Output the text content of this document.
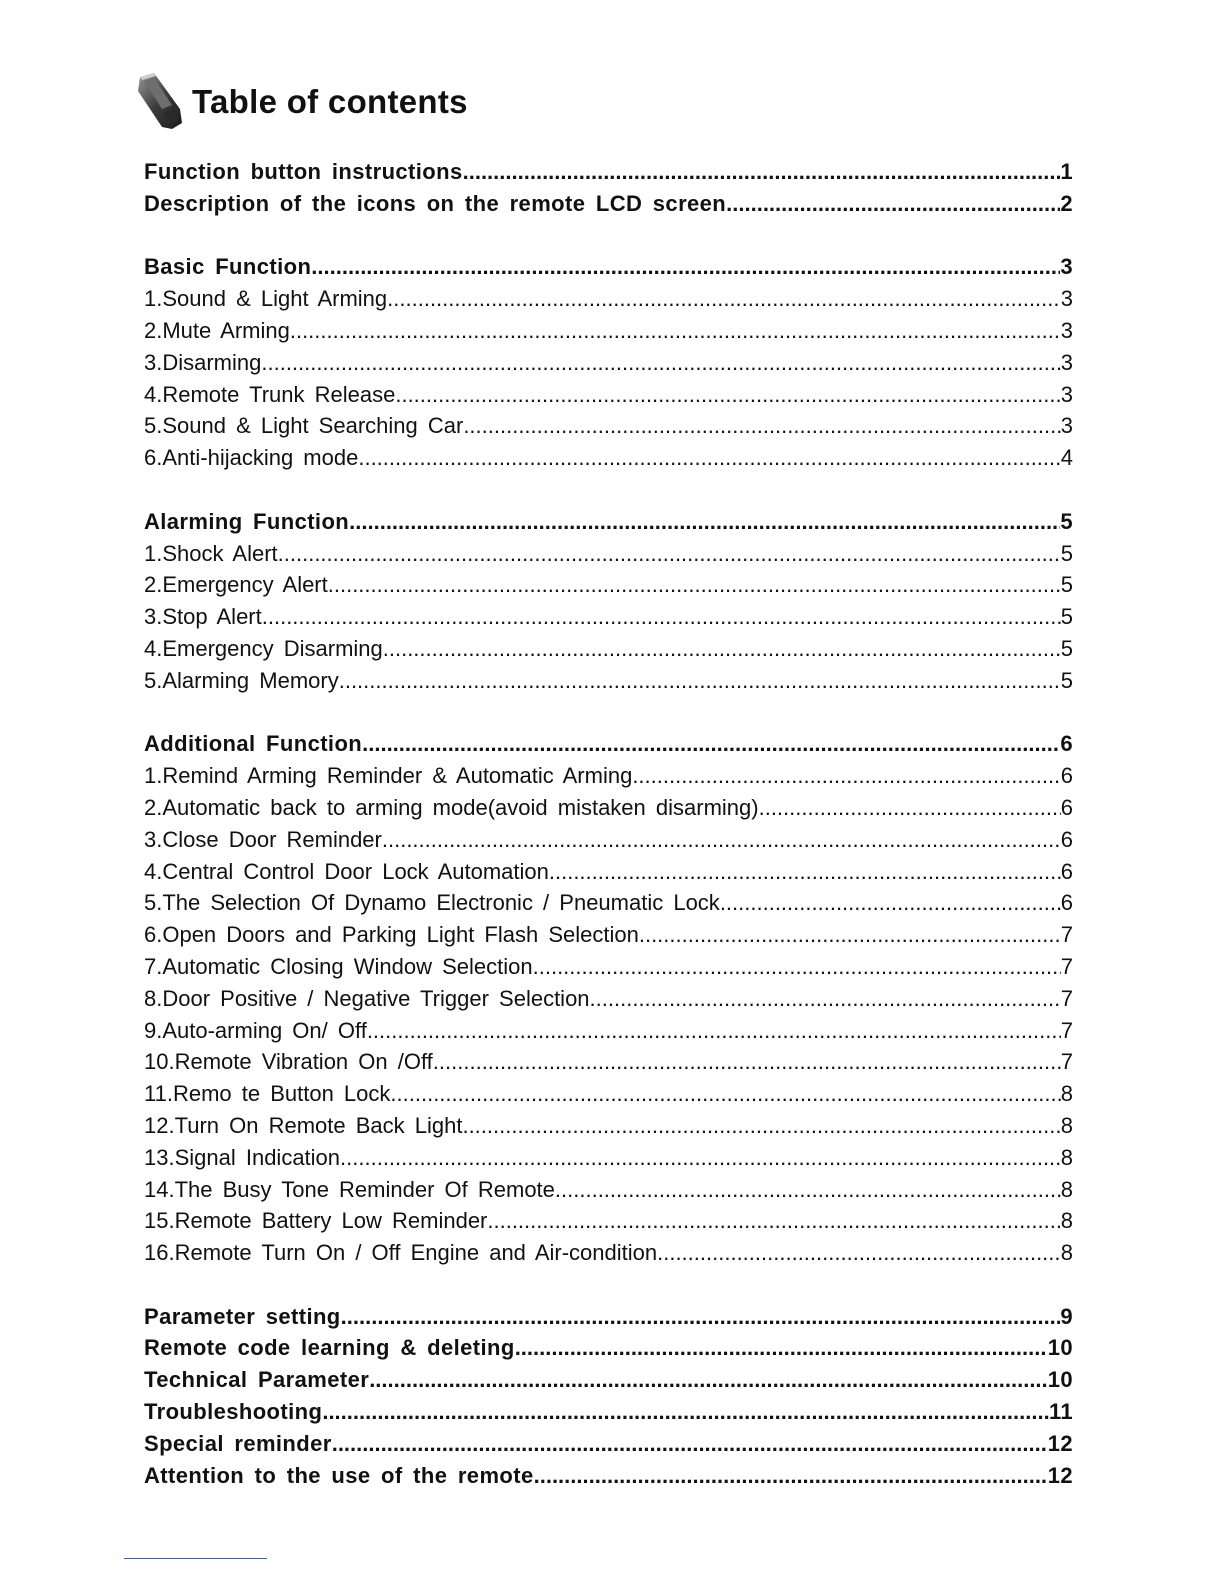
Table of contents
Function button instructions .....	1
Description of the icons on the remote LCD screen .....	2
Basic Function .....	3
1.Sound & Light Arming .....	3
2.Mute Arming .....	3
3.Disarming .....	3
4.Remote Trunk Release .....	3
5.Sound & Light Searching Car .....	3
6.Anti-hijacking mode .....	4
Alarming Function .....	5
1.Shock Alert .....	5
2.Emergency Alert .....	5
3.Stop Alert .....	5
4.Emergency Disarming .....	5
5.Alarming Memory .....	5
Additional Function .....	6
1.Remind Arming Reminder & Automatic Arming .....	6
2.Automatic back to arming mode(avoid mistaken disarming) .....	6
3.Close Door Reminder .....	6
4.Central Control Door Lock Automation .....	6
5.The Selection Of Dynamo Electronic / Pneumatic Lock .....	6
6.Open Doors and Parking Light Flash Selection .....	7
7.Automatic Closing Window Selection .....	7
8.Door Positive / Negative Trigger Selection .....	7
9.Auto-arming On/ Off .....	7
10.Remote Vibration On /Off .....	7
11.Remo te Button Lock .....	8
12.Turn On Remote Back Light .....	8
13.Signal Indication .....	8
14.The Busy Tone Reminder Of Remote .....	8
15.Remote Battery Low Reminder .....	8
16.Remote Turn On / Off Engine and Air-condition .....	8
Parameter setting .....	9
Remote code learning & deleting .....	10
Technical Parameter .....	10
Troubleshooting .....	11
Special reminder .....	12
Attention to the use of the remote .....	12
